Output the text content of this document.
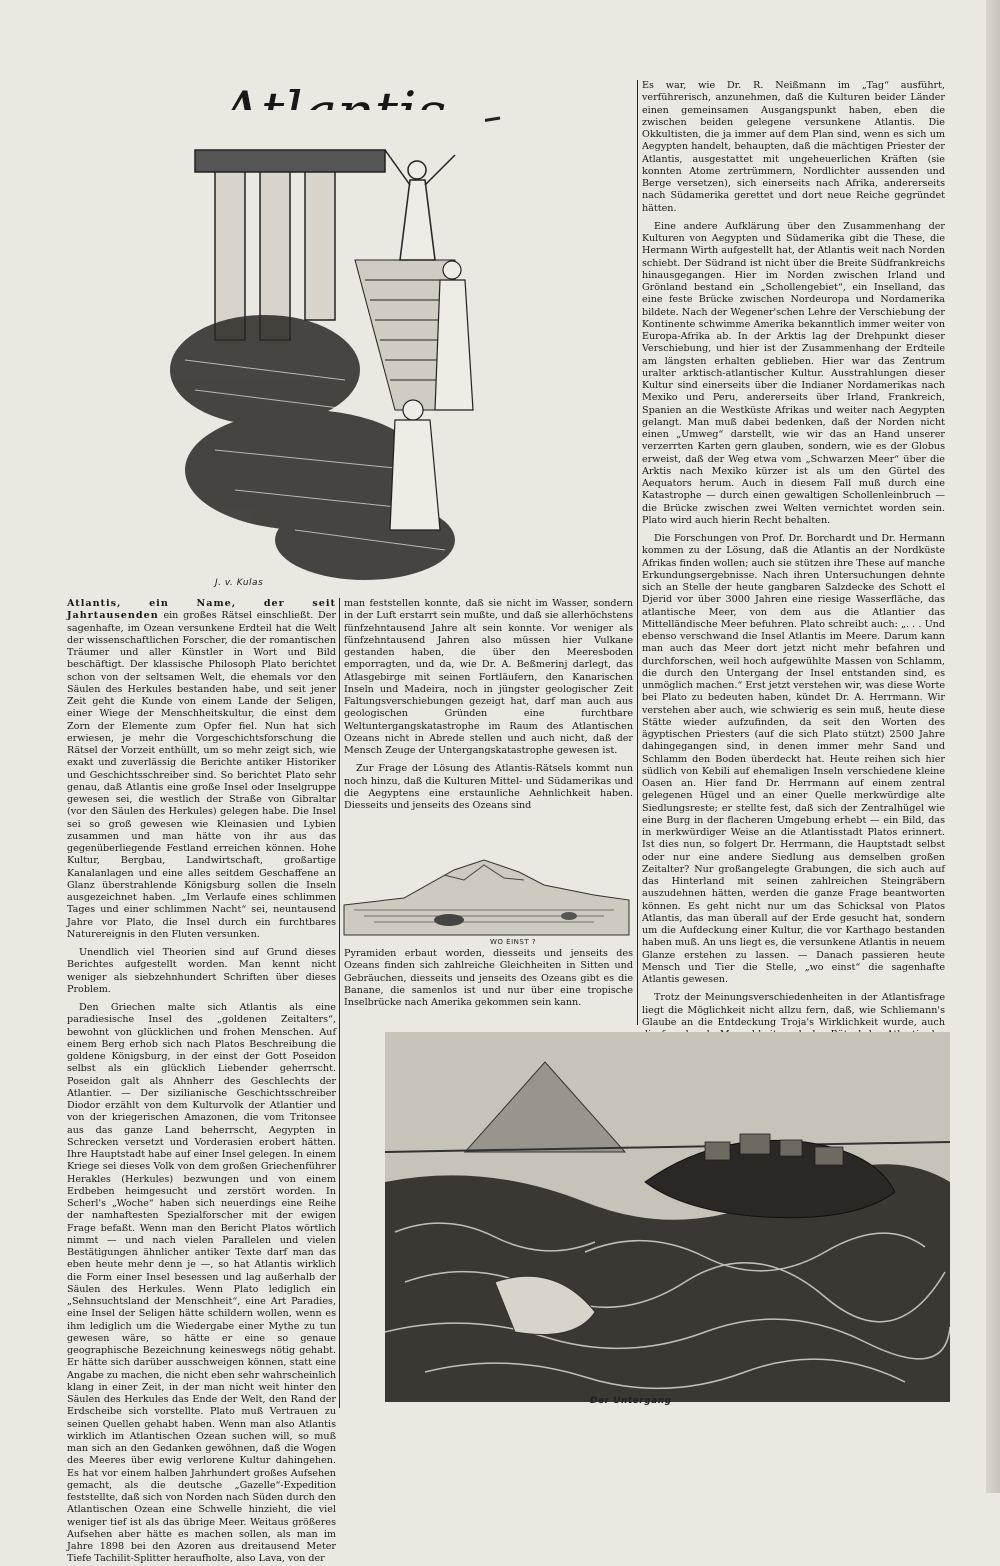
J. v. Kulas

Atlantis, ein Name, der seit Jahrtausenden ein großes Rätsel einschließt. Der sagenhafte, im Ozean versunkene Erdteil hat die Welt der wissenschaftlichen Forscher, die der romantischen Träumer und aller Künstler in Wort und Bild beschäftigt. Der klassische Philosoph Plato berichtet schon von der seltsamen Welt, die ehemals vor den Säulen des Herkules bestanden habe, und seit jener Zeit geht die Kunde von einem Lande der Seligen, einer Wiege der Menschheitskultur, die einst dem Zorn der Elemente zum Opfer fiel. Nun hat sich erwiesen, je mehr die Vorgeschichtsforschung die Rätsel der Vorzeit enthüllt, um so mehr zeigt sich, wie exakt und zuverlässig die Berichte antiker Historiker und Geschichtsschreiber sind. So berichtet Plato sehr genau, daß Atlantis eine große Insel oder Inselgruppe gewesen sei, die westlich der Straße von Gibraltar (vor den Säulen des Herkules) gelegen habe. Die Insel sei so groß gewesen wie Kleinasien und Lybien zusammen und man hätte von ihr aus das gegenüberliegende Festland erreichen können. Hohe Kultur, Bergbau, Landwirtschaft, großartige Kanalanlagen und eine alles seitdem Geschaffene an Glanz überstrahlende Königsburg sollen die Inseln ausgezeichnet haben. „Im Verlaufe eines schlimmen Tages und einer schlimmen Nacht“ sei, neuntausend Jahre vor Plato, die Insel durch ein furchtbares Naturereignis in den Fluten versunken.

Unendlich viel Theorien sind auf Grund dieses Berichtes aufgestellt worden. Man kennt nicht weniger als siebzehnhundert Schriften über dieses Problem.

Den Griechen malte sich Atlantis als eine paradiesische Insel des „goldenen Zeitalters“, bewohnt von glücklichen und frohen Menschen. Auf einem Berg erhob sich nach Platos Beschreibung die goldene Königsburg, in der einst der Gott Poseidon selbst als ein glücklich Liebender geherrscht. Poseidon galt als Ahnherr des Geschlechts der Atlantier. — Der sizilianische Geschichtsschreiber Diodor erzählt von dem Kulturvolk der Atlantier und von der kriegerischen Amazonen, die vom Tritonsee aus das ganze Land beherrscht, Aegypten in Schrecken versetzt und Vorderasien erobert hätten. Ihre Hauptstadt habe auf einer Insel gelegen. In einem Kriege sei dieses Volk von dem großen Griechenführer Herakles (Herkules) bezwungen und von einem Erdbeben heimgesucht und zerstört worden. In Scherl's „Woche“ haben sich neuerdings eine Reihe der namhaftesten Spezialforscher mit der ewigen Frage befaßt. Wenn man den Bericht Platos wörtlich nimmt — und nach vielen Parallelen und vielen Bestätigungen ähnlicher antiker Texte darf man das eben heute mehr denn je —, so hat Atlantis wirklich die Form einer Insel besessen und lag außerhalb der Säulen des Herkules. Wenn Plato lediglich ein „Sehnsuchtsland der Menschheit“, eine Art Paradies, eine Insel der Seligen hätte schildern wollen, wenn es ihm lediglich um die Wiedergabe einer Mythe zu tun gewesen wäre, so hätte er eine so genaue geographische Bezeichnung keineswegs nötig gehabt. Er hätte sich darüber ausschweigen können, statt eine Angabe zu machen, die nicht eben sehr wahrscheinlich klang in einer Zeit, in der man nicht weit hinter den Säulen des Herkules das Ende der Welt, den Rand der Erdscheibe sich vorstellte. Plato muß Vertrauen zu seinen Quellen gehabt haben. Wenn man also Atlantis wirklich im Atlantischen Ozean suchen will, so muß man sich an den Gedanken gewöhnen, daß die Wogen des Meeres über ewig verlorene Kultur dahingehen. Es hat vor einem halben Jahrhundert großes Aufsehen gemacht, als die deutsche „Gazelle“-Expedition feststellte, daß sich von Norden nach Süden durch den Atlantischen Ozean eine Schwelle hinzieht, die viel weniger tief ist als das übrige Meer. Weitaus größeres Aufsehen aber hätte es machen sollen, als man im Jahre 1898 bei den Azoren aus dreitausend Meter Tiefe Tachilit-Splitter heraufholte, also Lava, von der

man feststellen konnte, daß sie nicht im Wasser, sondern in der Luft erstarrt sein mußte, und daß sie allerhöchstens fünfzehntausend Jahre alt sein konnte. Vor weniger als fünfzehntausend Jahren also müssen hier Vulkane gestanden haben, die über den Meeresboden emporragten, und da, wie Dr. A. Beßmerinj darlegt, das Atlasgebirge mit seinen Fortläufern, den Kanarischen Inseln und Madeira, noch in jüngster geologischer Zeit Faltungsverschiebungen gezeigt hat, darf man auch aus geologischen Gründen eine furchtbare Weltuntergangskatastrophe im Raum des Atlantischen Ozeans nicht in Abrede stellen und auch nicht, daß der Mensch Zeuge der Untergangskatastrophe gewesen ist.

Zur Frage der Lösung des Atlantis-Rätsels kommt nun noch hinzu, daß die Kulturen Mittel- und Südamerikas und die Aegyptens eine erstaunliche Aehnlichkeit haben. Diesseits und jenseits des Ozeans sind

WO EINST ?

Pyramiden erbaut worden, diesseits und jenseits des Ozeans finden sich zahlreiche Gleichheiten in Sitten und Gebräuchen, diesseits und jenseits des Ozeans gibt es die Banane, die samenlos ist und nur über eine tropische Inselbrücke nach Amerika gekommen sein kann.

Es war, wie Dr. R. Neißmann im „Tag“ ausführt, verführerisch, anzunehmen, daß die Kulturen beider Länder einen gemeinsamen Ausgangspunkt haben, eben die zwischen beiden gelegene versunkene Atlantis. Die Okkultisten, die ja immer auf dem Plan sind, wenn es sich um Aegypten handelt, behaupten, daß die mächtigen Priester der Atlantis, ausgestattet mit ungeheuerlichen Kräften (sie konnten Atome zertrümmern, Nordlichter aussenden und Berge versetzen), sich einerseits nach Afrika, andererseits nach Südamerika gerettet und dort neue Reiche gegründet hätten.

Eine andere Aufklärung über den Zusammenhang der Kulturen von Aegypten und Südamerika gibt die These, die Hermann Wirth aufgestellt hat, der Atlantis weit nach Norden schiebt. Der Südrand ist nicht über die Breite Südfrankreichs hinausgegangen. Hier im Norden zwischen Irland und Grönland bestand ein „Schollengebiet“, ein Inselland, das eine feste Brücke zwischen Nordeuropa und Nordamerika bildete. Nach der Wegener'schen Lehre der Verschiebung der Kontinente schwimme Amerika bekanntlich immer weiter von Europa-Afrika ab. In der Arktis lag der Drehpunkt dieser Verschiebung, und hier ist der Zusammenhang der Erdteile am längsten erhalten geblieben. Hier war das Zentrum uralter arktisch-atlantischer Kultur. Ausstrahlungen dieser Kultur sind einerseits über die Indianer Nordamerikas nach Mexiko und Peru, andererseits über Irland, Frankreich, Spanien an die Westküste Afrikas und weiter nach Aegypten gelangt. Man muß dabei bedenken, daß der Norden nicht einen „Umweg“ darstellt, wie wir das an Hand unserer verzerrten Karten gern glauben, sondern, wie es der Globus erweist, daß der Weg etwa vom „Schwarzen Meer“ über die Arktis nach Mexiko kürzer ist als um den Gürtel des Aequators herum. Auch in diesem Fall muß durch eine Katastrophe — durch einen gewaltigen Schollenleinbruch — die Brücke zwischen zwei Welten vernichtet worden sein. Plato wird auch hierin Recht behalten.

Die Forschungen von Prof. Dr. Borchardt und Dr. Hermann kommen zu der Lösung, daß die Atlantis an der Nordküste Afrikas finden wollen; auch sie stützen ihre These auf manche Erkundungsergebnisse. Nach ihren Untersuchungen dehnte sich an Stelle der heute gangbaren Salzdecke des Schott el Djerid vor über 3000 Jahren eine riesige Wasserfläche, das atlantische Meer, von dem aus die Atlantier das Mittelländische Meer befuhren. Plato schreibt auch: „. . . Und ebenso verschwand die Insel Atlantis im Meere. Darum kann man auch das Meer dort jetzt nicht mehr befahren und durchforschen, weil hoch aufgewühlte Massen von Schlamm, die durch den Untergang der Insel entstanden sind, es unmöglich machen.“ Erst jetzt verstehen wir, was diese Worte bei Plato zu bedeuten haben, kündet Dr. A. Herrmann. Wir verstehen aber auch, wie schwierig es sein muß, heute diese Stätte wieder aufzufinden, da seit den Worten des ägyptischen Priesters (auf die sich Plato stützt) 2500 Jahre dahingegangen sind, in denen immer mehr Sand und Schlamm den Boden überdeckt hat. Heute reihen sich hier südlich von Kebili auf ehemaligen Inseln verschiedene kleine Oasen an. Hier fand Dr. Herrmann auf einem zentral gelegenen Hügel und an einer Quelle merkwürdige alte Siedlungsreste; er stellte fest, daß sich der Zentralhügel wie eine Burg in der flacheren Umgebung erhebt — ein Bild, das in merkwürdiger Weise an die Atlantisstadt Platos erinnert. Ist dies nun, so folgert Dr. Herrmann, die Hauptstadt selbst oder nur eine andere Siedlung aus demselben großen Zeitalter? Nur großangelegte Grabungen, die sich auch auf das Hinterland mit seinen zahlreichen Steingräbern auszudehnen hätten, werden die ganze Frage beantworten können. Es geht nicht nur um das Schicksal von Platos Atlantis, das man überall auf der Erde gesucht hat, sondern um die Aufdeckung einer Kultur, die vor Karthago bestanden haben muß. An uns liegt es, die versunkene Atlantis in neuem Glanze erstehen zu lassen. — Danach passieren heute Mensch und Tier die Stelle, „wo einst“ die sagenhafte Atlantis gewesen.

Trotz der Meinungsverschiedenheiten in der Atlantisfrage liegt die Möglichkeit nicht allzu fern, daß, wie Schliemann's Glaube an die Entdeckung Troja's Wirklichkeit wurde, auch

Der Untergang
